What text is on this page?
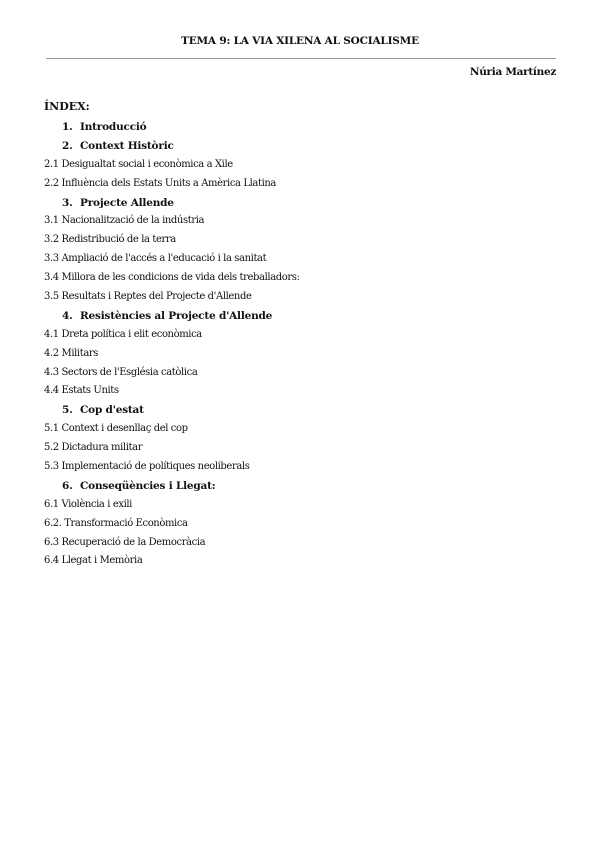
TEMA 9: LA VIA XILENA AL SOCIALISME
Núria Martínez
ÍNDEX:
1. Introducció
2. Context Històric
2.1 Desigualtat social i econòmica a Xile
2.2 Influència dels Estats Units a Amèrica Llatina
3. Projecte Allende
3.1 Nacionalització de la indústria
3.2 Redistribució de la terra
3.3 Ampliació de l'accés a l'educació i la sanitat
3.4 Millora de les condicions de vida dels treballadors:
3.5 Resultats i Reptes del Projecte d'Allende
4. Resistències al Projecte d'Allende
4.1 Dreta política i elit econòmica
4.2 Militars
4.3 Sectors de l'Església catòlica
4.4 Estats Units
5. Cop d'estat
5.1 Context i desenllaç del cop
5.2 Dictadura militar
5.3 Implementació de polítiques neoliberals
6. Conseqüències i Llegat:
6.1 Violència i exili
6.2. Transformació Econòmica
6.3 Recuperació de la Democràcia
6.4 Llegat i Memòria
